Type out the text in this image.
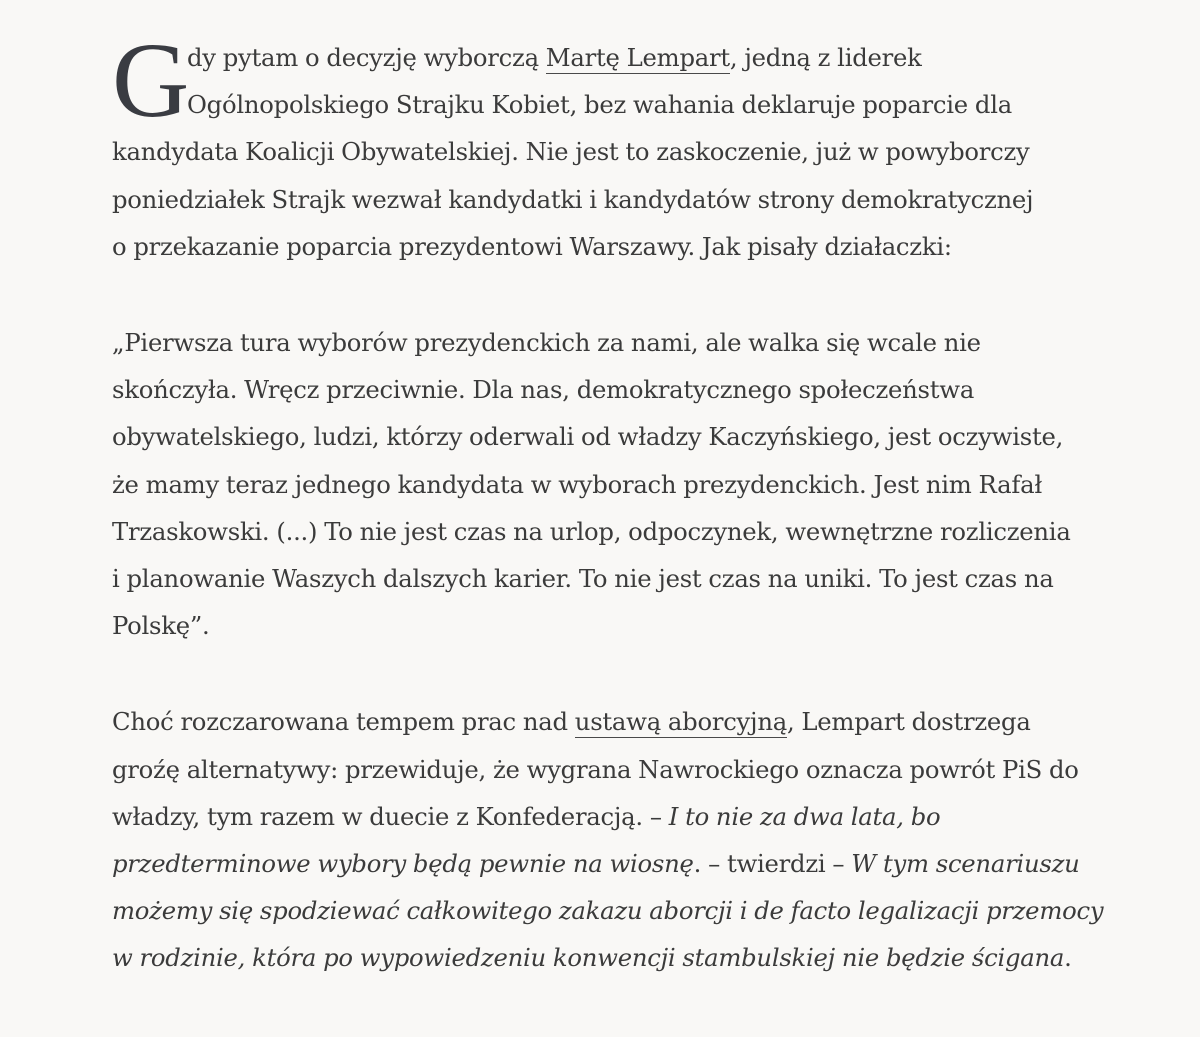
G

dy pytam o decyzję wyborczą Martę Lempart, jedną z liderek
Ogólnopolskiego Strajku Kobiet, bez wahania deklaruje poparcie dla
kandydata Koalicji Obywatelskiej. Nie jest to zaskoczenie, już w powyborczy
poniedziałek Strajk wezwał kandydatki i kandydatów strony demokratycznej
o przekazanie poparcia prezydentowi Warszawy. Jak pisały działaczki:

„Pierwsza tura wyborów prezydenckich za nami, ale walka się wcale nie
skończyła. Wręcz przeciwnie. Dla nas, demokratycznego społeczeństwa
obywatelskiego, ludzi, którzy oderwali od władzy Kaczyńskiego, jest oczywiste,
że mamy teraz jednego kandydata w wyborach prezydenckich. Jest nim Rafał
Trzaskowski. (...) To nie jest czas na urlop, odpoczynek, wewnętrzne rozliczenia
i planowanie Waszych dalszych karier. To nie jest czas na uniki. To jest czas na
Polskę”.

Choć rozczarowana tempem prac nad ustawą aborcyjną, Lempart dostrzega
groźę alternatywy: przewiduje, że wygrana Nawrockiego oznacza powrót PiS do
władzy, tym razem w duecie z Konfederacją. – I to nie za dwa lata, bo
przedterminowe wybory będą pewnie na wiosnę. – twierdzi – W tym scenariuszu
możemy się spodziewać całkowitego zakazu aborcji i de facto legalizacji przemocy
w rodzinie, która po wypowiedzeniu konwencji stambulskiej nie będzie ścigana.
